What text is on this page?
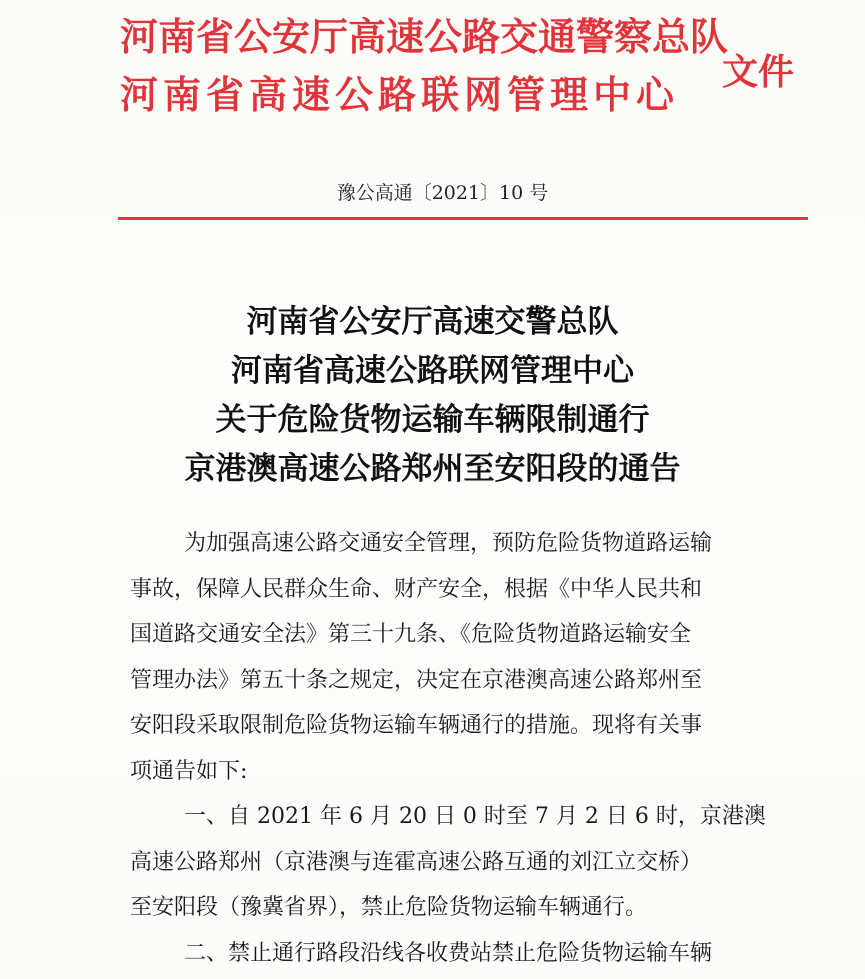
河南省公安厅高速公路交通警察总队
河南省高速公路联网管理中心 文件
豫公高通〔2021〕10 号
河南省公安厅高速交警总队
河南省高速公路联网管理中心
关于危险货物运输车辆限制通行
京港澳高速公路郑州至安阳段的通告
为加强高速公路交通安全管理，预防危险货物道路运输
事故，保障人民群众生命、财产安全，根据《中华人民共和
国道路交通安全法》第三十九条、《危险货物道路运输安全
管理办法》第五十条之规定，决定在京港澳高速公路郑州至
安阳段采取限制危险货物运输车辆通行的措施。现将有关事
项通告如下:
一、自 2021 年 6 月 20 日 0 时至 7 月 2 日 6 时，京港澳
高速公路郑州（京港澳与连霍高速公路互通的刘江立交桥）
至安阳段（豫冀省界），禁止危险货物运输车辆通行。
二、禁止通行路段沿线各收费站禁止危险货物运输车辆
